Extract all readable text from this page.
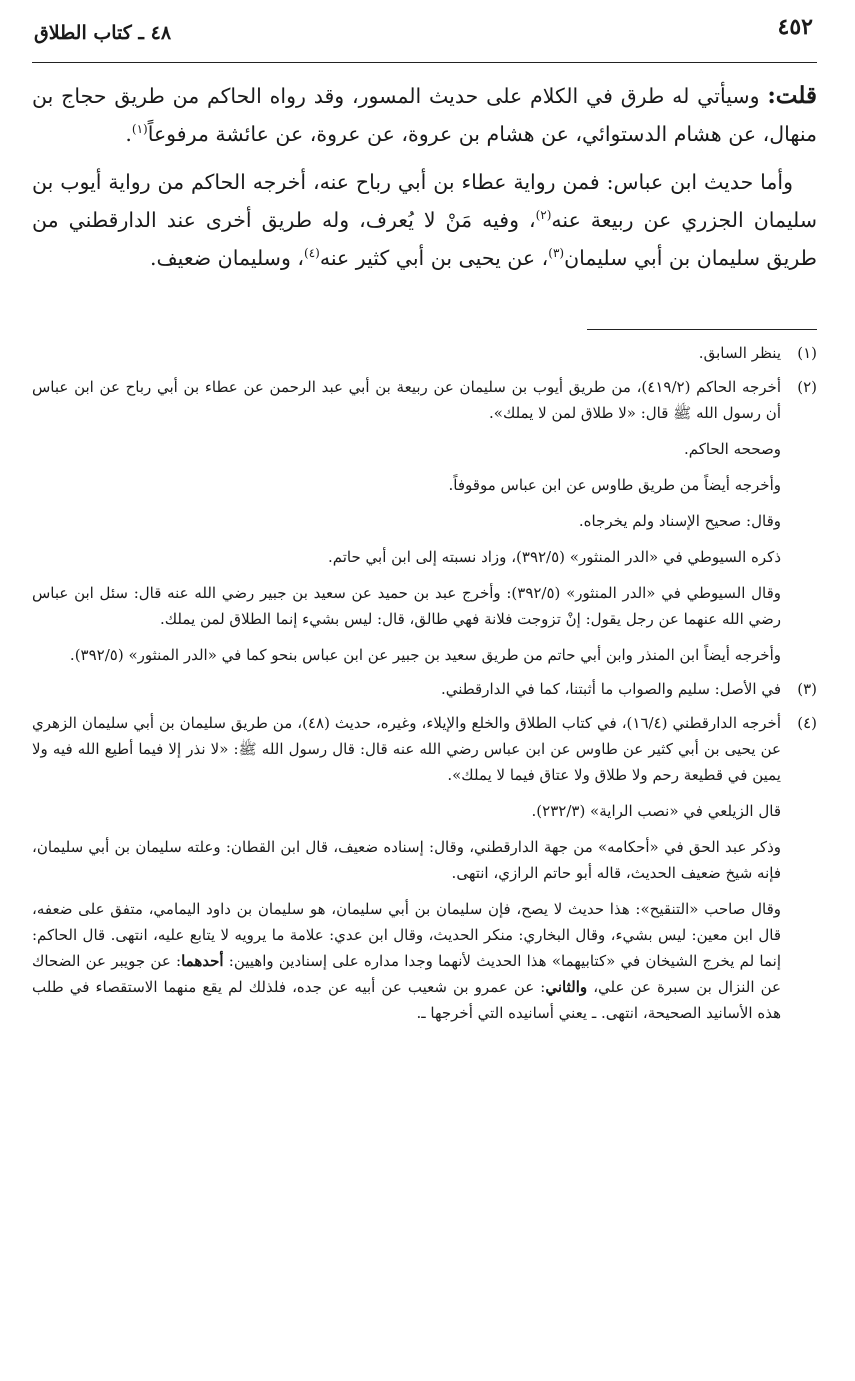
٤٥٢
٤٨ ـ كتاب الطلاق

قلت: وسيأتي له طرق في الكلام على حديث المسور، وقد رواه الحاكم من طريق حجاج بن منهال، عن هشام الدستوائي، عن هشام بن عروة، عن عروة، عن عائشة مرفوعاً$^{(١)}$.

وأما حديث ابن عباس: فمن رواية عطاء بن أبي رباح عنه، أخرجه الحاكم من رواية أيوب بن سليمان الجزري عن ربيعة عنه$^{(٢)}$، وفيه مَنْ لا يُعرف، وله طريق أخرى عند الدارقطني من طريق سليمان بن أبي سليمان$^{(٣)}$، عن يحيى بن أبي كثير عنه$^{(٤)}$، وسليمان ضعيف.

(١)

ينظر السابق.

(٢)

أخرجه الحاكم (٤١٩/٢)، من طريق أيوب بن سليمان عن ربيعة بن أبي عبد الرحمن عن عطاء بن أبي رباح عن ابن عباس أن رسول الله ﷺ قال: «لا طلاق لمن لا يملك».

وصححه الحاكم.

وأخرجه أيضاً من طريق طاوس عن ابن عباس موقوفاً.

وقال: صحيح الإسناد ولم يخرجاه.

ذكره السيوطي في «الدر المنثور» (٣٩٢/٥)، وزاد نسبته إلى ابن أبي حاتم.

وقال السيوطي في «الدر المنثور» (٣٩٢/٥): وأخرج عبد بن حميد عن سعيد بن جبير رضي الله عنه قال: سئل ابن عباس رضي الله عنهما عن رجل يقول: إنْ تزوجت فلانة فهي طالق، قال: ليس بشيء إنما الطلاق لمن يملك.

وأخرجه أيضاً ابن المنذر وابن أبي حاتم من طريق سعيد بن جبير عن ابن عباس بنحو كما في «الدر المنثور» (٣٩٢/٥).

(٣)

في الأصل: سليم والصواب ما أثبتنا، كما في الدارقطني.

(٤)

أخرجه الدارقطني (١٦/٤)، في كتاب الطلاق والخلع والإيلاء، وغيره، حديث (٤٨)، من طريق سليمان بن أبي سليمان الزهري عن يحيى بن أبي كثير عن طاوس عن ابن عباس رضي الله عنه قال: قال رسول الله ﷺ: «لا نذر إلا فيما أطيع الله فيه ولا يمين في قطيعة رحم ولا طلاق ولا عتاق فيما لا يملك».

قال الزيلعي في «نصب الراية» (٢٣٢/٣).

وذكر عبد الحق في «أحكامه» من جهة الدارقطني، وقال: إسناده ضعيف، قال ابن القطان: وعلته سليمان بن أبي سليمان، فإنه شيخ ضعيف الحديث، قاله أبو حاتم الرازي، انتهى.

وقال صاحب «التنقيح»: هذا حديث لا يصح، فإن سليمان بن أبي سليمان، هو سليمان بن داود اليمامي، متفق على ضعفه، قال ابن معين: ليس بشيء، وقال البخاري: منكر الحديث، وقال ابن عدي: علامة ما يرويه لا يتابع عليه، انتهى. قال الحاكم: إنما لم يخرج الشيخان في «كتابيهما» هذا الحديث لأنهما وجدا مداره على إسنادين واهيين: أحدهما: عن جويبر عن الضحاك عن النزال بن سبرة عن علي، والثاني: عن عمرو بن شعيب عن أبيه عن جده، فلذلك لم يقع منهما الاستقصاء في طلب هذه الأسانيد الصحيحة، انتهى. ـ يعني أسانيده التي أخرجها ـ.
